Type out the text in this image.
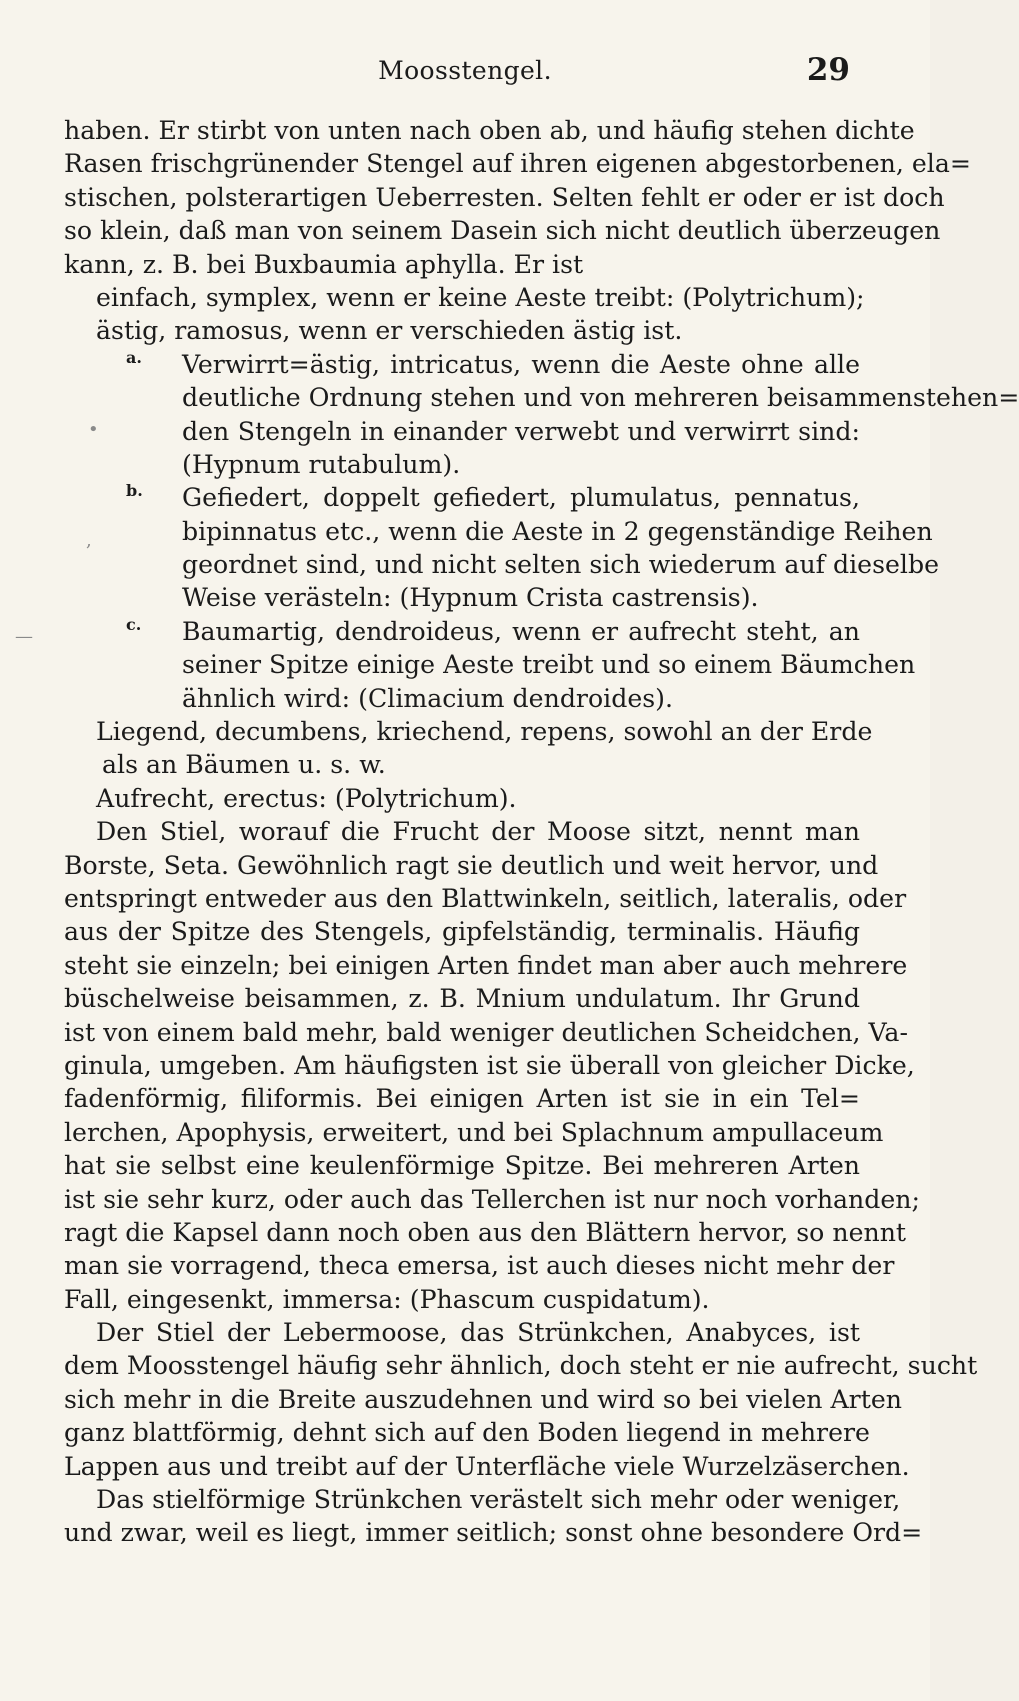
Moosstengel.	29
•
,
—
haben. Er stirbt von unten nach oben ab, und häufig stehen dichte
Rasen frischgrünender Stengel auf ihren eigenen abgestorbenen, ela=
stischen, polsterartigen Ueberresten. Selten fehlt er oder er ist doch
so klein, daß man von seinem Dasein sich nicht deutlich überzeugen
kann, z. B. bei Buxbaumia aphylla. Er ist
einfach, symplex, wenn er keine Aeste treibt: (Polytrichum);
ästig, ramosus, wenn er verschieden ästig ist.
Verwirrt=ästig, intricatus, wenn die Aeste ohne alle
deutliche Ordnung stehen und von mehreren beisammenstehen=
den Stengeln in einander verwebt und verwirrt sind:
(Hypnum rutabulum).
Gefiedert, doppelt gefiedert, plumulatus, pennatus,
bipinnatus etc., wenn die Aeste in 2 gegenständige Reihen
geordnet sind, und nicht selten sich wiederum auf dieselbe
Weise verästeln: (Hypnum Crista castrensis).
Baumartig, dendroideus, wenn er aufrecht steht, an
seiner Spitze einige Aeste treibt und so einem Bäumchen
ähnlich wird: (Climacium dendroides).
Liegend, decumbens, kriechend, repens, sowohl an der Erde
als an Bäumen u. s. w.
Aufrecht, erectus: (Polytrichum).
Den Stiel, worauf die Frucht der Moose sitzt, nennt man
Borste, Seta. Gewöhnlich ragt sie deutlich und weit hervor, und
entspringt entweder aus den Blattwinkeln, seitlich, lateralis, oder
aus der Spitze des Stengels, gipfelständig, terminalis. Häufig
steht sie einzeln; bei einigen Arten findet man aber auch mehrere
büschelweise beisammen, z. B. Mnium undulatum. Ihr Grund
ist von einem bald mehr, bald weniger deutlichen Scheidchen, Va-
ginula, umgeben. Am häufigsten ist sie überall von gleicher Dicke,
fadenförmig, filiformis. Bei einigen Arten ist sie in ein Tel=
lerchen, Apophysis, erweitert, und bei Splachnum ampullaceum
hat sie selbst eine keulenförmige Spitze. Bei mehreren Arten
ist sie sehr kurz, oder auch das Tellerchen ist nur noch vorhanden;
ragt die Kapsel dann noch oben aus den Blättern hervor, so nennt
man sie vorragend, theca emersa, ist auch dieses nicht mehr der
Fall, eingesenkt, immersa: (Phascum cuspidatum).
Der Stiel der Lebermoose, das Strünkchen, Anabyces, ist
dem Moosstengel häufig sehr ähnlich, doch steht er nie aufrecht, sucht
sich mehr in die Breite auszudehnen und wird so bei vielen Arten
ganz blattförmig, dehnt sich auf den Boden liegend in mehrere
Lappen aus und treibt auf der Unterfläche viele Wurzelzäserchen.
Das stielförmige Strünkchen verästelt sich mehr oder weniger,
und zwar, weil es liegt, immer seitlich; sonst ohne besondere Ord=
a.
b.
c.
